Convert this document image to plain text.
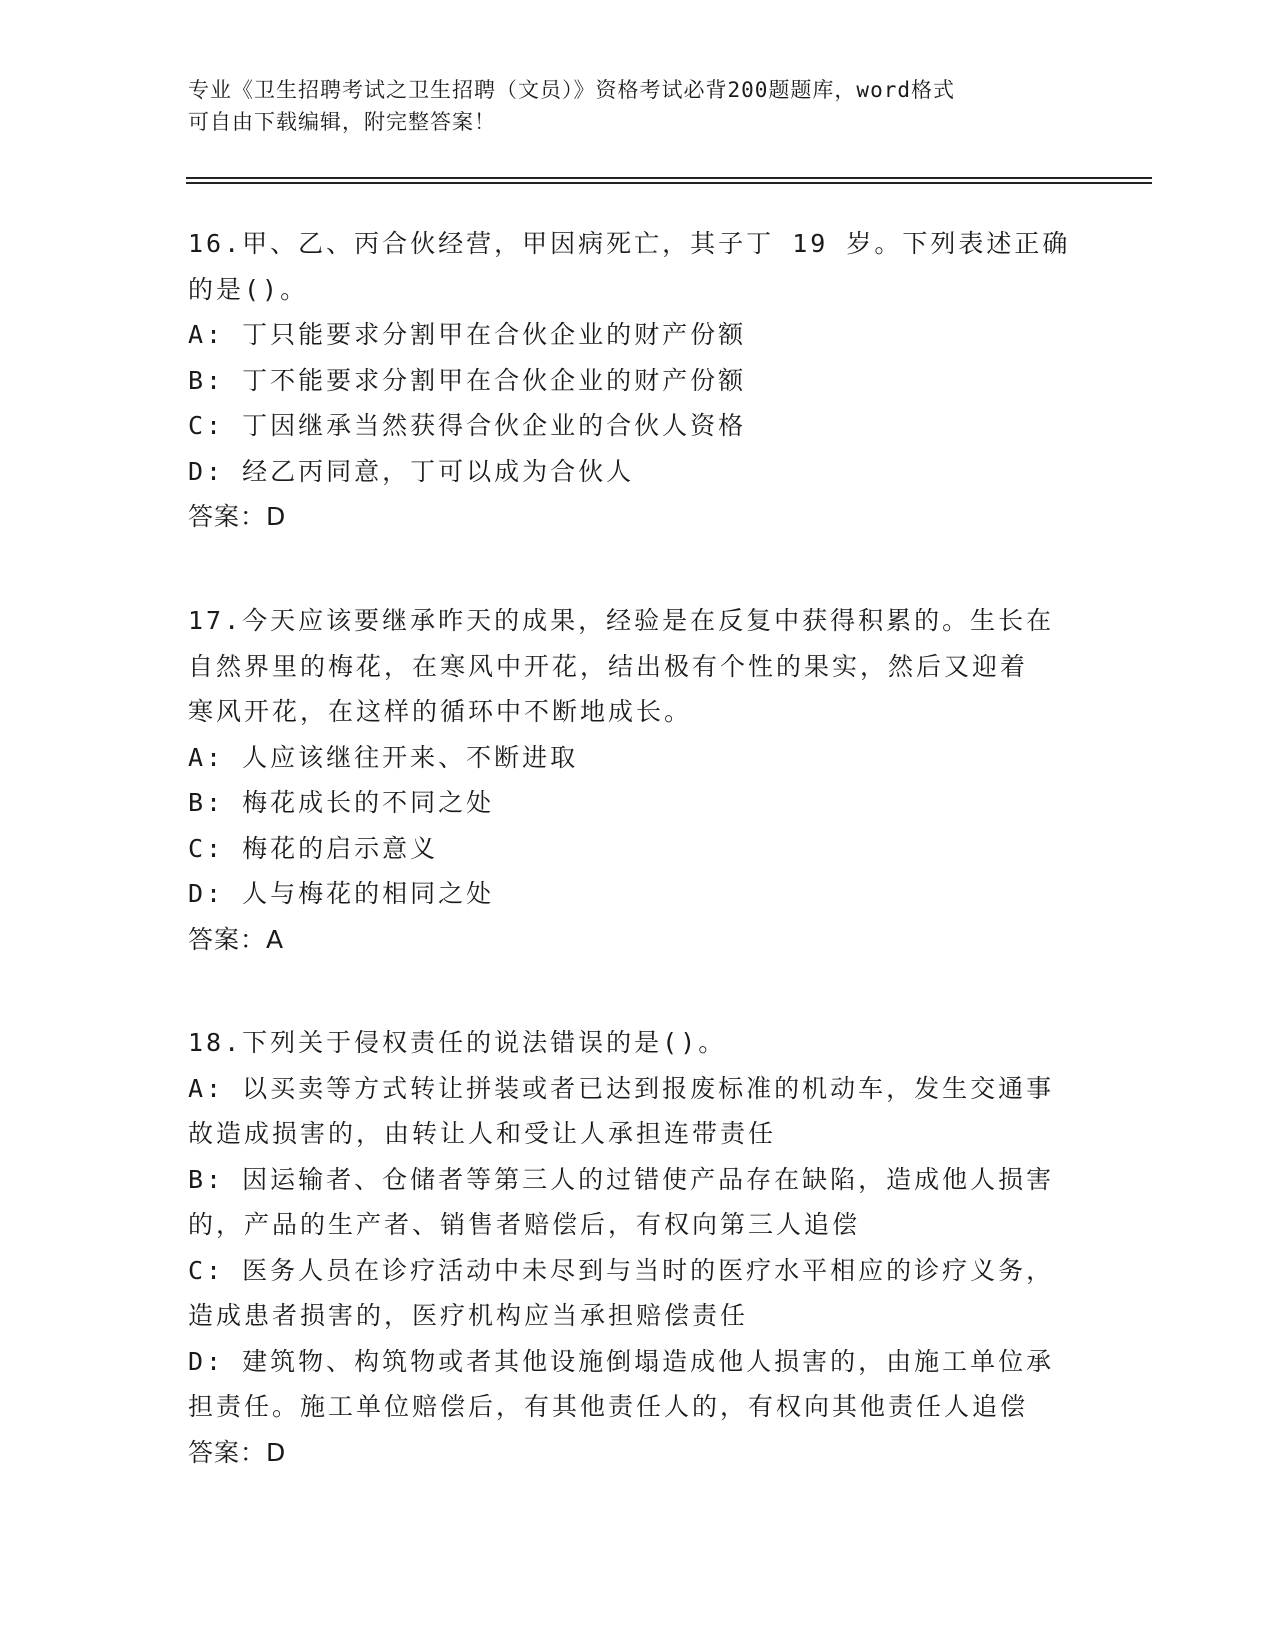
专业《卫生招聘考试之卫生招聘（文员）》资格考试必背200题题库，word格式
可自由下载编辑，附完整答案！
16.甲、乙、丙合伙经营，甲因病死亡，其子丁 19 岁。下列表述正确
的是()。
A: 丁只能要求分割甲在合伙企业的财产份额
B: 丁不能要求分割甲在合伙企业的财产份额
C: 丁因继承当然获得合伙企业的合伙人资格
D: 经乙丙同意，丁可以成为合伙人
答案：D
17.今天应该要继承昨天的成果，经验是在反复中获得积累的。生长在
自然界里的梅花，在寒风中开花，结出极有个性的果实，然后又迎着
寒风开花，在这样的循环中不断地成长。
A: 人应该继往开来、不断进取
B: 梅花成长的不同之处
C: 梅花的启示意义
D: 人与梅花的相同之处
答案：A
18.下列关于侵权责任的说法错误的是()。
A: 以买卖等方式转让拼装或者已达到报废标准的机动车，发生交通事
故造成损害的，由转让人和受让人承担连带责任
B: 因运输者、仓储者等第三人的过错使产品存在缺陷，造成他人损害
的，产品的生产者、销售者赔偿后，有权向第三人追偿
C: 医务人员在诊疗活动中未尽到与当时的医疗水平相应的诊疗义务，
造成患者损害的，医疗机构应当承担赔偿责任
D: 建筑物、构筑物或者其他设施倒塌造成他人损害的，由施工单位承
担责任。施工单位赔偿后，有其他责任人的，有权向其他责任人追偿
答案：D
